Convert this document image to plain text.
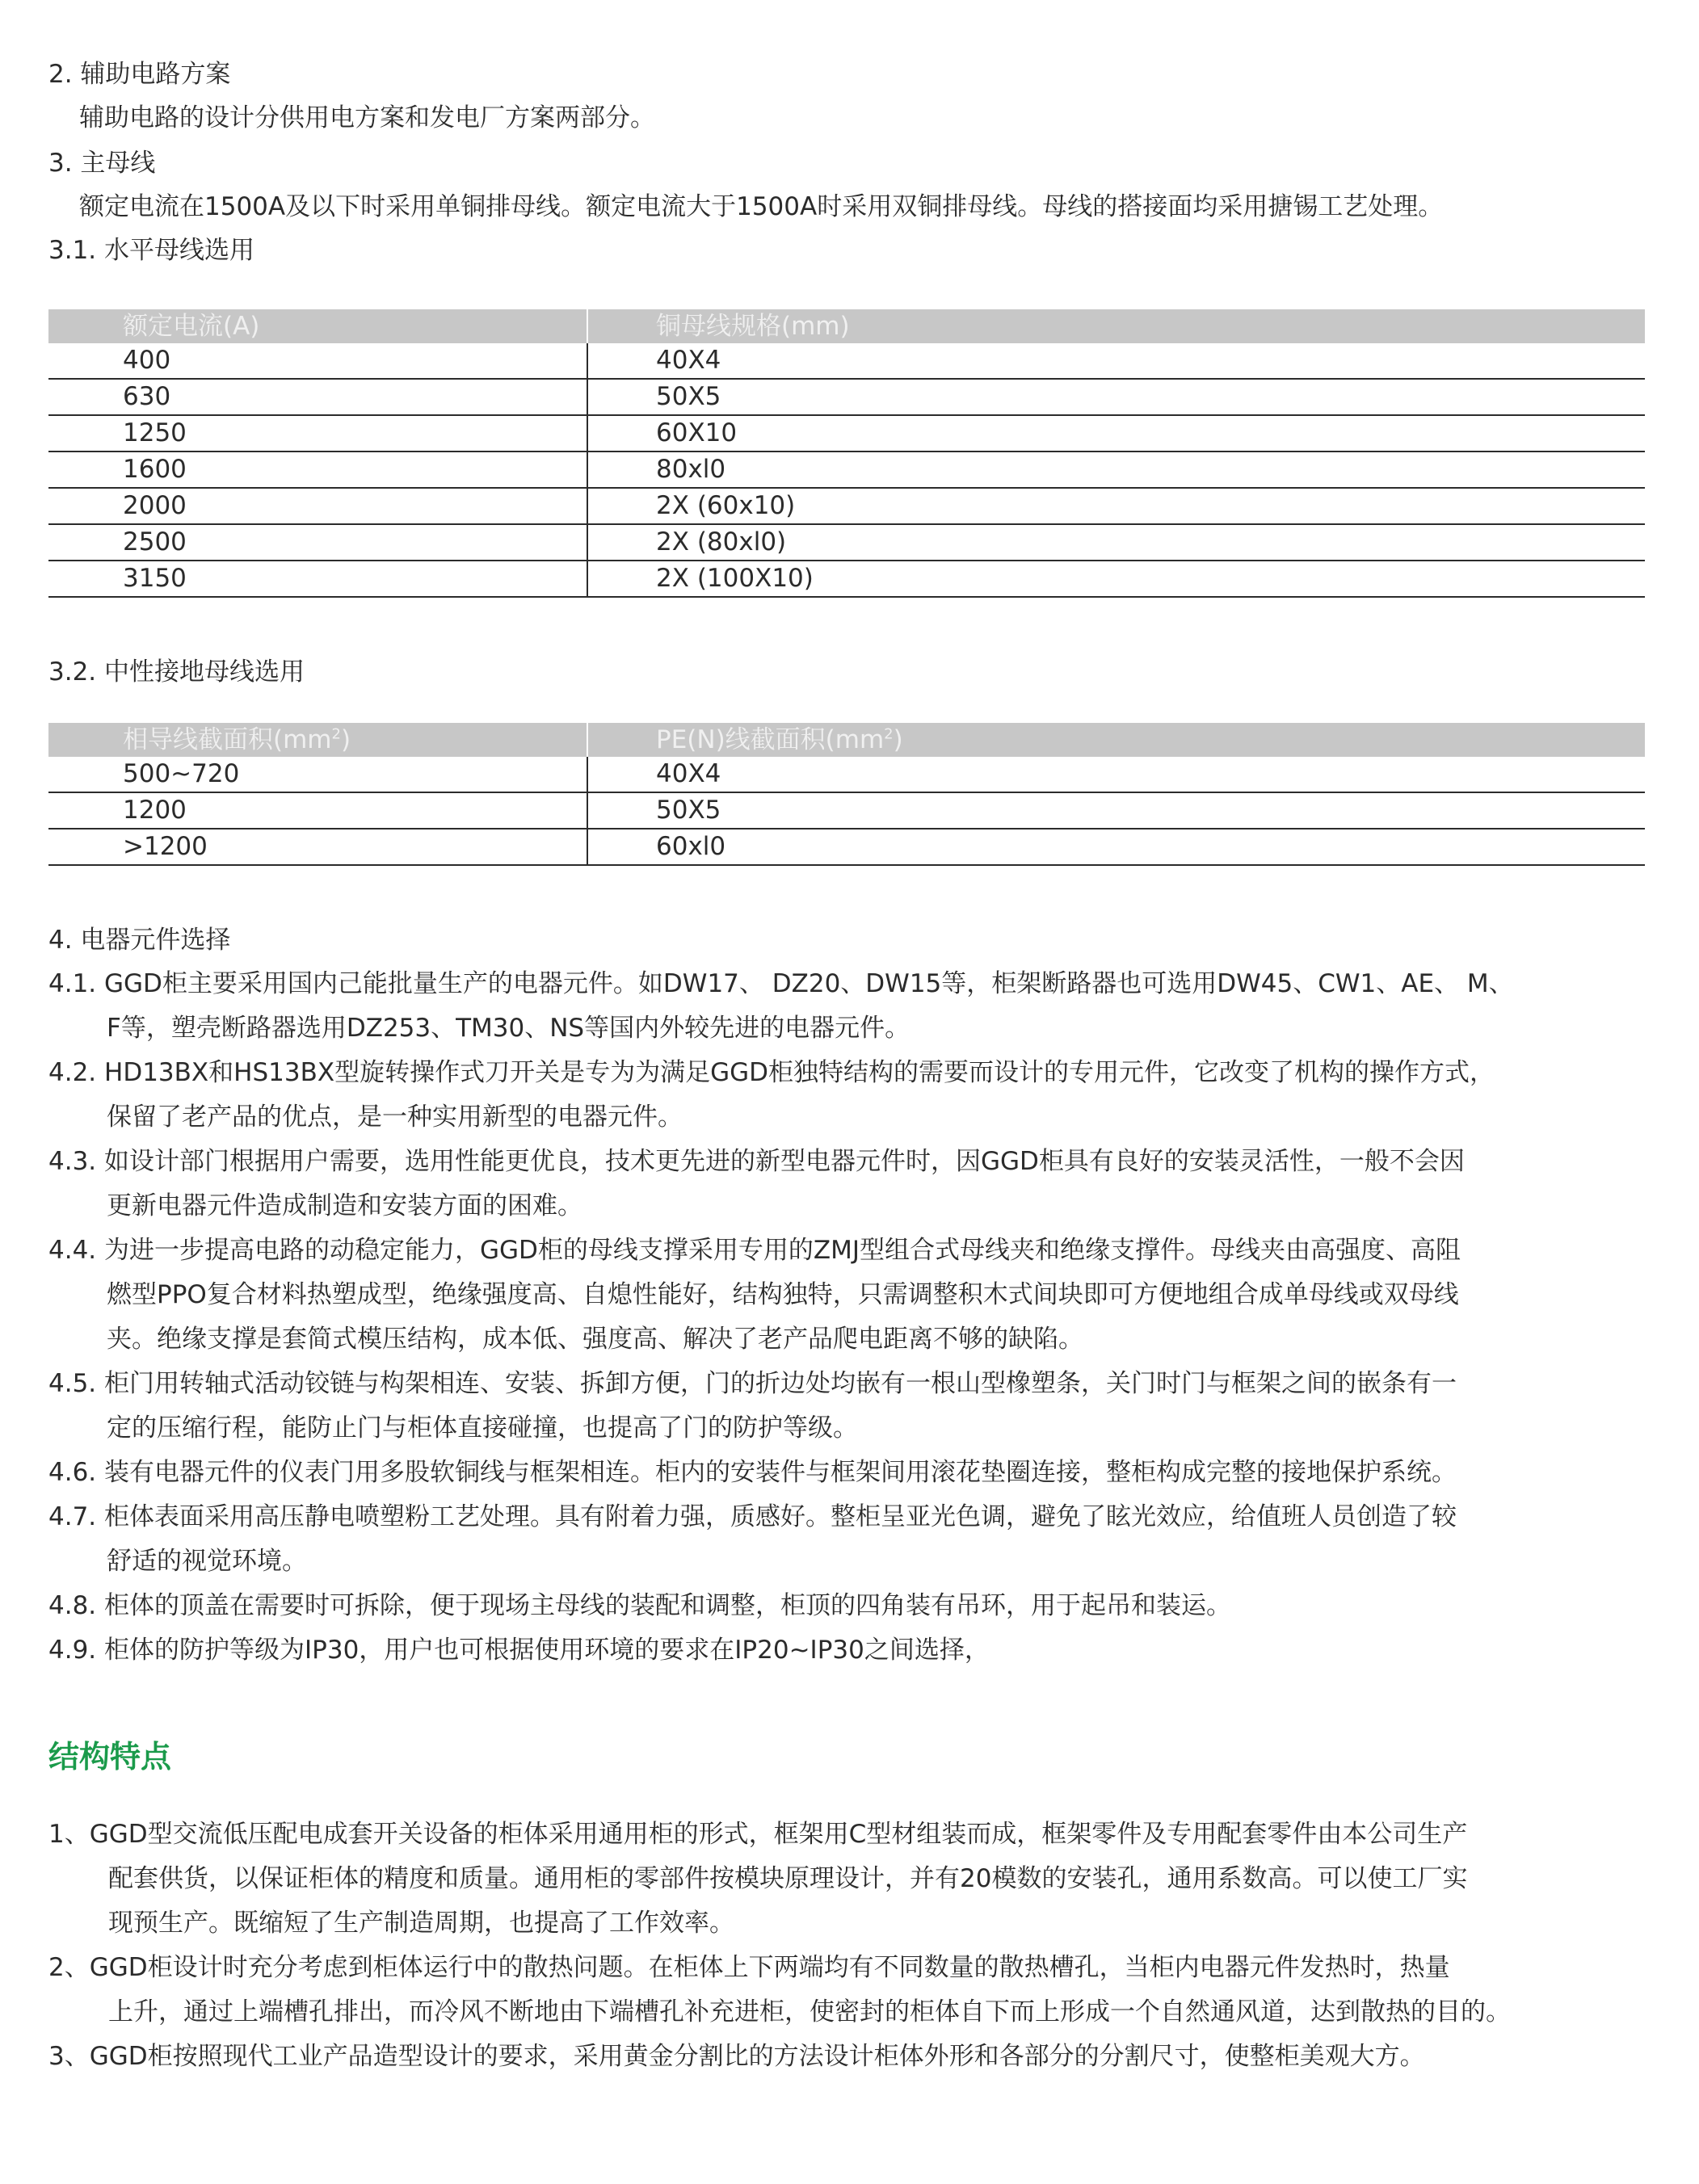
2. 辅助电路方案
辅助电路的设计分供用电方案和发电厂方案两部分。
3. 主母线
额定电流在1500A及以下时采用单铜排母线。额定电流大于1500A时采用双铜排母线。母线的搭接面均采用搪锡工艺处理。
3.1. 水平母线选用
额定电流(A)	铜母线规格(mm)
400	40X4
630	50X5
1250	60X10
1600	80xl0
2000	2X (60x10)
2500	2X (80xl0)
3150	2X (100X10)
3.2. 中性接地母线选用
相导线截面积$(mm^2)$	PE(N)线截面积$(mm^2)$
500~720	40X4
1200	50X5
>1200	60xl0
4. 电器元件选择
4.1. GGD柜主要采用国内己能批量生产的电器元件。如DW17、 DZ20、DW15等，柜架断路器也可选用DW45、CW1、AE、 M、
F等，塑壳断路器选用DZ253、TM30、NS等国内外较先进的电器元件。
4.2. HD13BX和HS13BX型旋转操作式刀开关是专为为满足GGD柜独特结构的需要而设计的专用元件，它改变了机构的操作方式，
保留了老产品的优点，是一种实用新型的电器元件。
4.3. 如设计部门根据用户需要，选用性能更优良，技术更先进的新型电器元件时，因GGD柜具有良好的安装灵活性，一般不会因
更新电器元件造成制造和安装方面的困难。
4.4. 为进一步提高电路的动稳定能力，GGD柜的母线支撑采用专用的ZMJ型组合式母线夹和绝缘支撑件。母线夹由高强度、高阻
燃型PPO复合材料热塑成型，绝缘强度高、自熄性能好，结构独特，只需调整积木式间块即可方便地组合成单母线或双母线
夹。绝缘支撑是套简式模压结构，成本低、强度高、解决了老产品爬电距离不够的缺陷。
4.5. 柜门用转轴式活动铰链与构架相连、安装、拆卸方便，门的折边处均嵌有一根山型橡塑条，关门时门与框架之间的嵌条有一
定的压缩行程，能防止门与柜体直接碰撞，也提高了门的防护等级。
4.6. 装有电器元件的仪表门用多股软铜线与框架相连。柜内的安装件与框架间用滚花垫圈连接，整柜构成完整的接地保护系统。
4.7. 柜体表面采用高压静电喷塑粉工艺处理。具有附着力强，质感好。整柜呈亚光色调，避免了眩光效应，给值班人员创造了较
舒适的视觉环境。
4.8. 柜体的顶盖在需要时可拆除，便于现场主母线的装配和调整，柜顶的四角装有吊环，用于起吊和装运。
4.9. 柜体的防护等级为IP30，用户也可根据使用环境的要求在IP20~IP30之间选择，
结构特点
1、GGD型交流低压配电成套开关设备的柜体采用通用柜的形式，框架用C型材组装而成，框架零件及专用配套零件由本公司生产
配套供货，以保证柜体的精度和质量。通用柜的零部件按模块原理设计，并有20模数的安装孔，通用系数高。可以使工厂实
现预生产。既缩短了生产制造周期，也提高了工作效率。
2、GGD柜设计时充分考虑到柜体运行中的散热问题。在柜体上下两端均有不同数量的散热槽孔，当柜内电器元件发热时，热量
上升，通过上端槽孔排出，而冷风不断地由下端槽孔补充进柜，使密封的柜体自下而上形成一个自然通风道，达到散热的目的。
3、GGD柜按照现代工业产品造型设计的要求，采用黄金分割比的方法设计柜体外形和各部分的分割尺寸，使整柜美观大方。
